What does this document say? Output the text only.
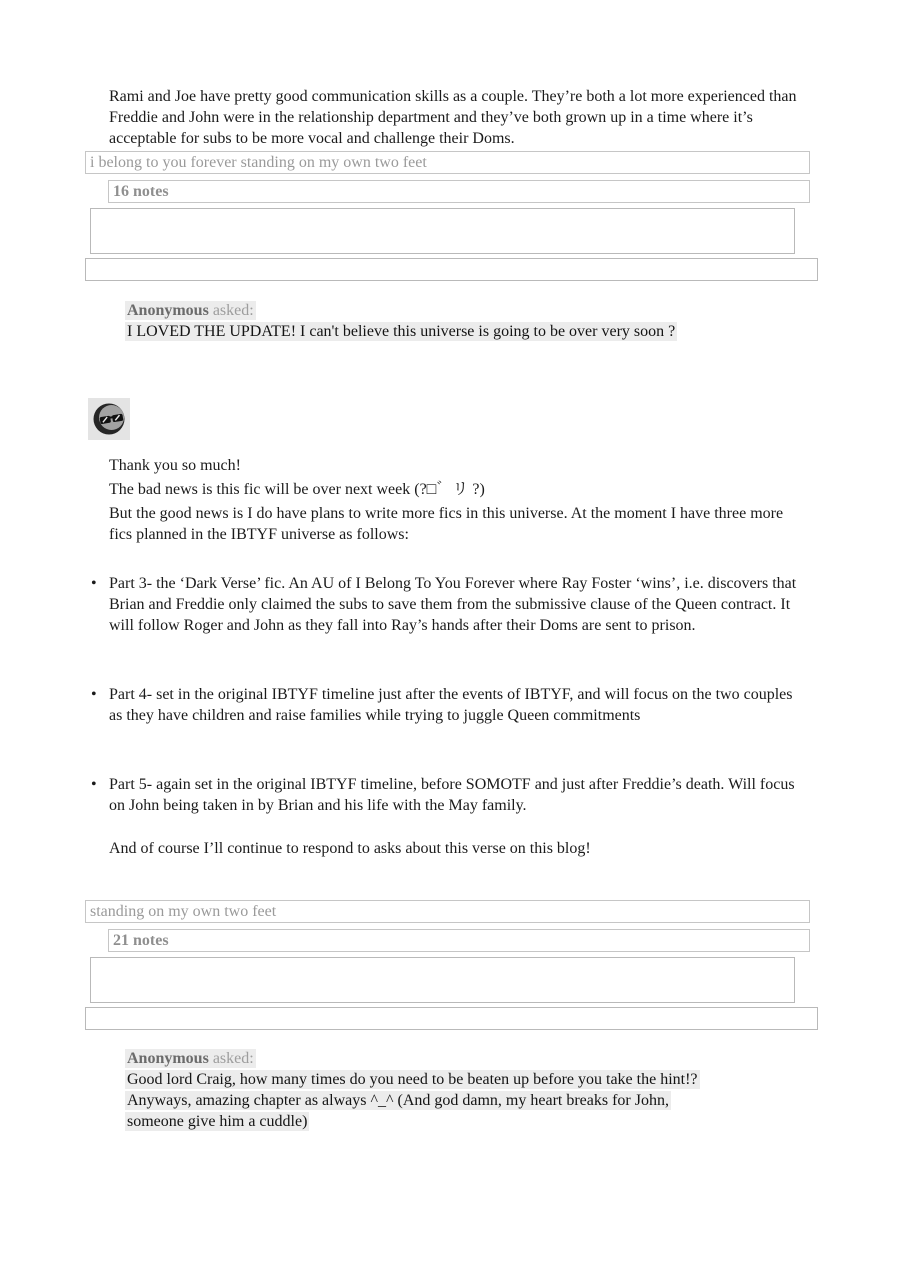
Rami and Joe have pretty good communication skills as a couple. They’re both a lot more experienced than Freddie and John were in the relationship department and they’ve both grown up in a time where it’s acceptable for subs to be more vocal and challenge their Doms.
i belong to you forever standing on my own two feet
16 notes
Anonymous asked:
I LOVED THE UPDATE! I can't believe this universe is going to be over very soon ?

Thank you so much!

The bad news is this fic will be over next week (?□゛リ ?)

But the good news is I do have plans to write more fics in this universe. At the moment I have three more fics planned in the IBTYF universe as follows:

• Part 3- the ‘Dark Verse’ fic. An AU of I Belong To You Forever where Ray Foster ‘wins’, i.e. discovers that Brian and Freddie only claimed the subs to save them from the submissive clause of the Queen contract. It will follow Roger and John as they fall into Ray’s hands after their Doms are sent to prison.
• Part 4- set in the original IBTYF timeline just after the events of IBTYF, and will focus on the two couples as they have children and raise families while trying to juggle Queen commitments
• Part 5- again set in the original IBTYF timeline, before SOMOTF and just after Freddie’s death. Will focus on John being taken in by Brian and his life with the May family.

And of course I’ll continue to respond to asks about this verse on this blog!

standing on my own two feet
21 notes
Anonymous asked:
Good lord Craig, how many times do you need to be beaten up before you take the hint!? Anyways, amazing chapter as always ^_^ (And god damn, my heart breaks for John, someone give him a cuddle)
